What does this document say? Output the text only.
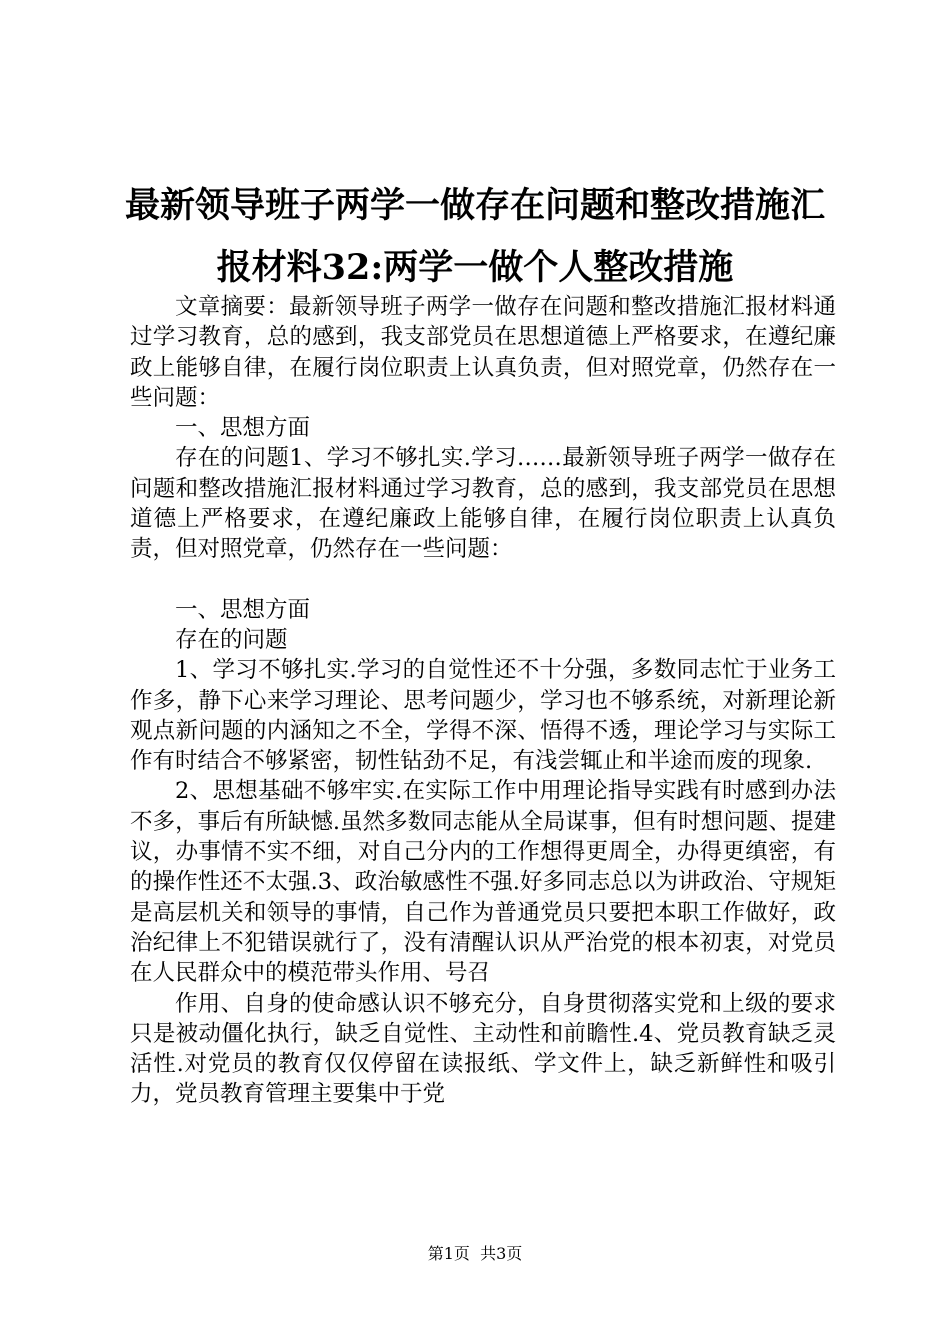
最新领导班子两学一做存在问题和整改措施汇
报材料32:两学一做个人整改措施

文章摘要：最新领导班子两学一做存在问题和整改措施汇报材料通过学习教育，总的感到，我支部党员在思想道德上严格要求，在遵纪廉政上能够自律，在履行岗位职责上认真负责，但对照党章，仍然存在一些问题：

一、思想方面

存在的问题1、学习不够扎实.学习……最新领导班子两学一做存在问题和整改措施汇报材料通过学习教育，总的感到，我支部党员在思想道德上严格要求，在遵纪廉政上能够自律，在履行岗位职责上认真负责，但对照党章，仍然存在一些问题：

一、思想方面

存在的问题

1、学习不够扎实.学习的自觉性还不十分强，多数同志忙于业务工作多，静下心来学习理论、思考问题少，学习也不够系统，对新理论新观点新问题的内涵知之不全，学得不深、悟得不透，理论学习与实际工作有时结合不够紧密，韧性钻劲不足，有浅尝辄止和半途而废的现象.

2、思想基础不够牢实.在实际工作中用理论指导实践有时感到办法不多，事后有所缺憾.虽然多数同志能从全局谋事，但有时想问题、提建议，办事情不实不细，对自己分内的工作想得更周全，办得更缜密，有的操作性还不太强.3、政治敏感性不强.好多同志总以为讲政治、守规矩是高层机关和领导的事情，自己作为普通党员只要把本职工作做好，政治纪律上不犯错误就行了，没有清醒认识从严治党的根本初衷，对党员在人民群众中的模范带头作用、号召

作用、自身的使命感认识不够充分，自身贯彻落实党和上级的要求只是被动僵化执行，缺乏自觉性、主动性和前瞻性.4、党员教育缺乏灵活性.对党员的教育仅仅停留在读报纸、学文件上，缺乏新鲜性和吸引力，党员教育管理主要集中于党

第1页 共3页
